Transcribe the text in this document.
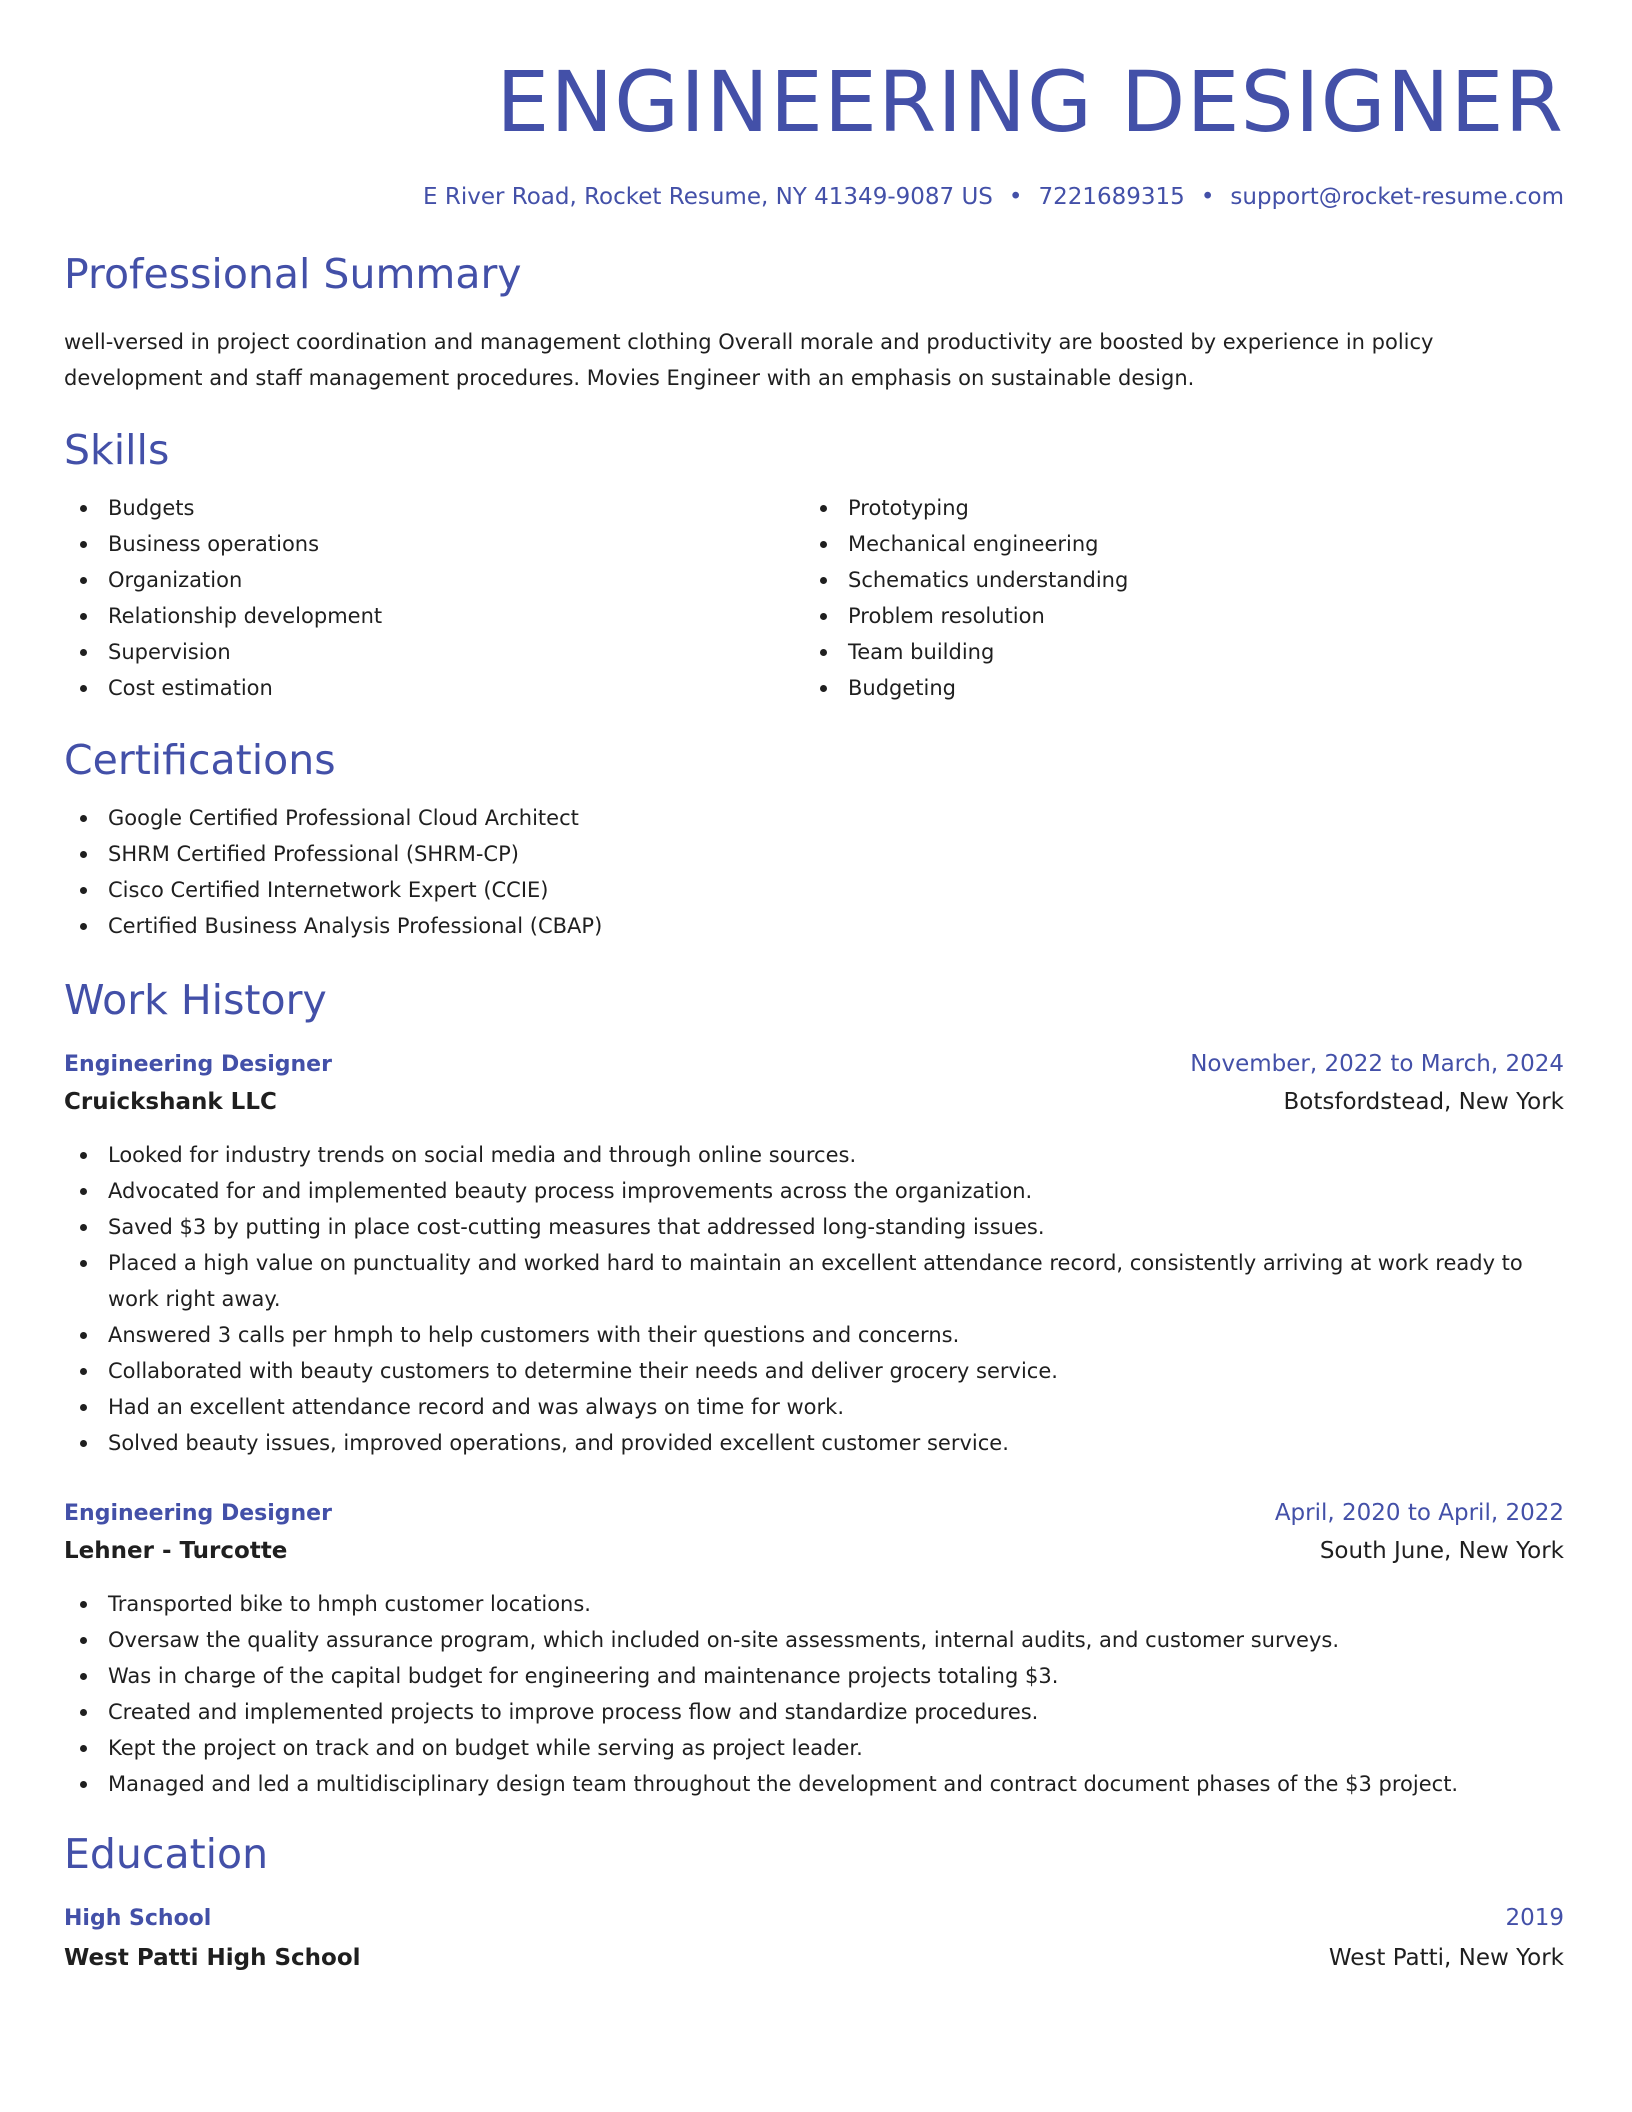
ENGINEERING DESIGNER
E River Road, Rocket Resume, NY 41349-9087 US • 7221689315 • support@rocket-resume.com
Professional Summary

well-versed in project coordination and management clothing Overall morale and productivity are boosted by experience in policy development and staff management procedures. Movies Engineer with an emphasis on sustainable design.

Skills
Budgets
Business operations
Organization
Relationship development
Supervision
Cost estimation
Prototyping
Mechanical engineering
Schematics understanding
Problem resolution
Team building
Budgeting
Certifications
Google Certified Professional Cloud Architect
SHRM Certified Professional (SHRM-CP)
Cisco Certified Internetwork Expert (CCIE)
Certified Business Analysis Professional (CBAP)
Work History
Engineering Designer	November, 2022 to March, 2024
Cruickshank LLC	Botsfordstead, New York
Looked for industry trends on social media and through online sources.
Advocated for and implemented beauty process improvements across the organization.
Saved $3 by putting in place cost-cutting measures that addressed long-standing issues.
Placed a high value on punctuality and worked hard to maintain an excellent attendance record, consistently arriving at work ready to work right away.
Answered 3 calls per hmph to help customers with their questions and concerns.
Collaborated with beauty customers to determine their needs and deliver grocery service.
Had an excellent attendance record and was always on time for work.
Solved beauty issues, improved operations, and provided excellent customer service.
Engineering Designer	April, 2020 to April, 2022
Lehner - Turcotte	South June, New York
Transported bike to hmph customer locations.
Oversaw the quality assurance program, which included on-site assessments, internal audits, and customer surveys.
Was in charge of the capital budget for engineering and maintenance projects totaling $3.
Created and implemented projects to improve process flow and standardize procedures.
Kept the project on track and on budget while serving as project leader.
Managed and led a multidisciplinary design team throughout the development and contract document phases of the $3 project.
Education
High School	2019
West Patti High School	West Patti, New York
